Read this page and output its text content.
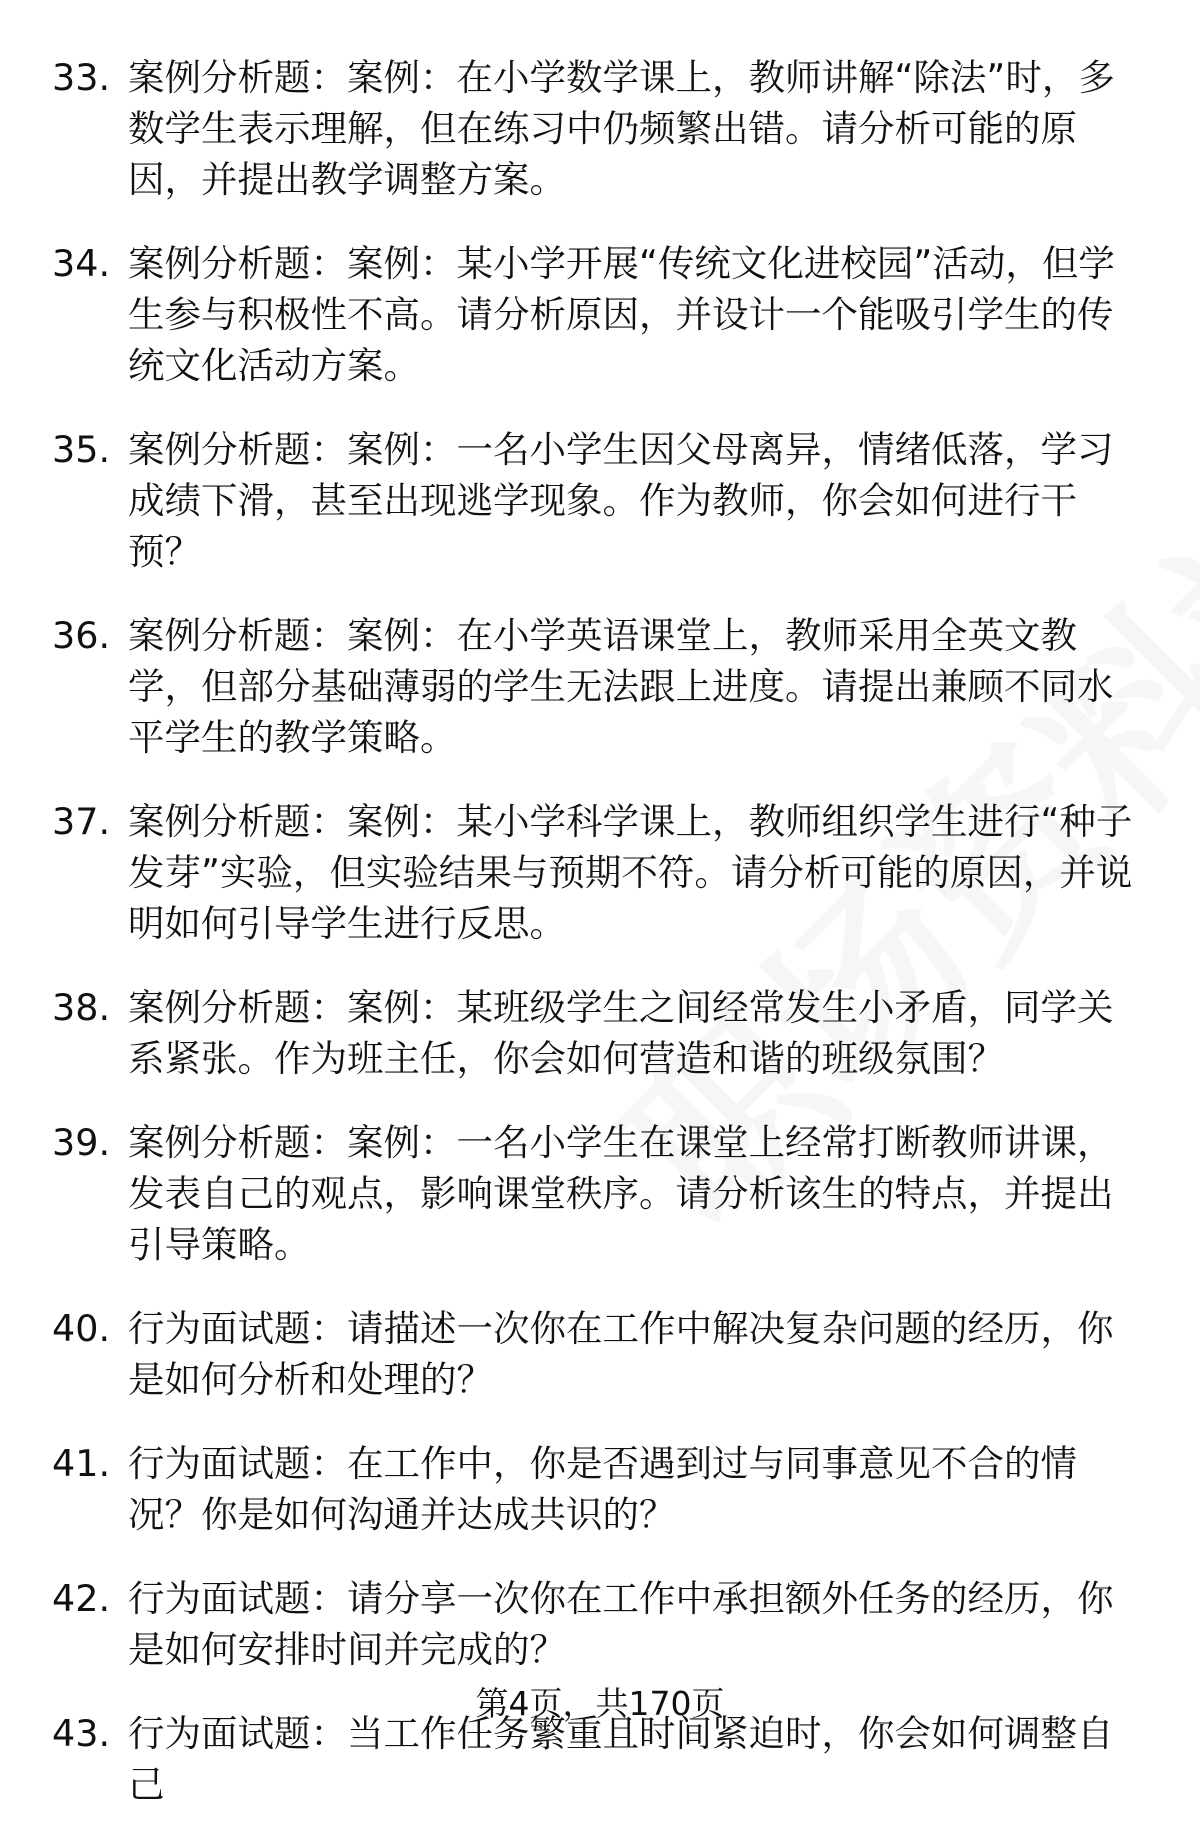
33. 案例分析题：案例：在小学数学课上，教师讲解“除法”时，多数学生表示理解，但在练习中仍频繁出错。请分析可能的原因，并提出教学调整方案。
34. 案例分析题：案例：某小学开展“传统文化进校园”活动，但学生参与积极性不高。请分析原因，并设计一个能吸引学生的传统文化活动方案。
35. 案例分析题：案例：一名小学生因父母离异，情绪低落，学习成绩下滑，甚至出现逃学现象。作为教师，你会如何进行干预？
36. 案例分析题：案例：在小学英语课堂上，教师采用全英文教学，但部分基础薄弱的学生无法跟上进度。请提出兼顾不同水平学生的教学策略。
37. 案例分析题：案例：某小学科学课上，教师组织学生进行“种子发芽”实验，但实验结果与预期不符。请分析可能的原因，并说明如何引导学生进行反思。
38. 案例分析题：案例：某班级学生之间经常发生小矛盾，同学关系紧张。作为班主任，你会如何营造和谐的班级氛围？
39. 案例分析题：案例：一名小学生在课堂上经常打断教师讲课，发表自己的观点，影响课堂秩序。请分析该生的特点，并提出引导策略。
40. 行为面试题：请描述一次你在工作中解决复杂问题的经历，你是如何分析和处理的？
41. 行为面试题：在工作中，你是否遇到过与同事意见不合的情况？你是如何沟通并达成共识的？
42. 行为面试题：请分享一次你在工作中承担额外任务的经历，你是如何安排时间并完成的？
43. 行为面试题：当工作任务繁重且时间紧迫时，你会如何调整自己
第4页，共170页
